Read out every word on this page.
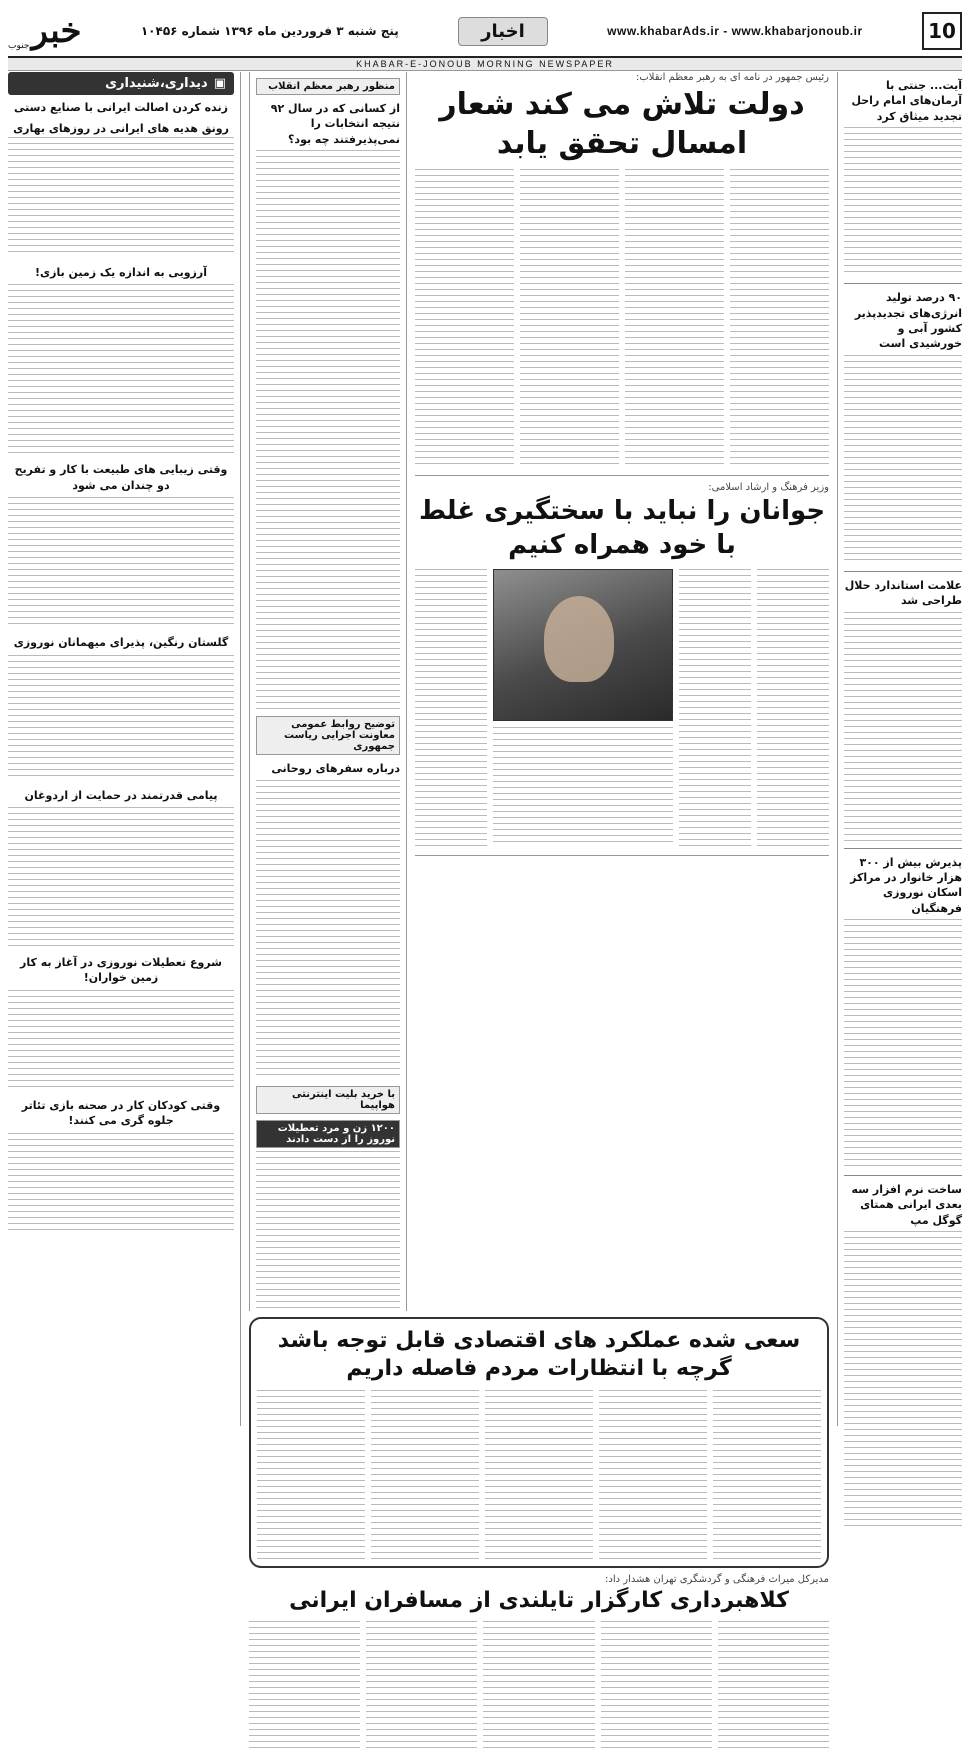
10
www.khabarAds.ir - www.khabarjonoub.ir
اخبار
پنج شنبه ۳ فروردین ماه ۱۳۹۶ شماره ۱۰۴۵۶
خبر
جنوب
KHABAR-E-JONOUB MORNING NEWSPAPER
آیت... جنتی با آرمان‌های امام راحل تجدید میثاق کرد
۹۰ درصد تولید انرژی‌های تجدیدپذیر کشور آبی و خورشیدی است
علامت استاندارد حلال طراحی شد
پذیرش بیش از ۳۰۰ هزار خانوار در مراکز اسکان نوروزی فرهنگیان
ساخت نرم افزار سه بعدی ایرانی همتای گوگل مپ
رئیس جمهور در نامه ای به رهبر معظم انقلاب:
دولت تلاش می کند شعار امسال تحقق یابد
وزیر فرهنگ و ارشاد اسلامی:
جوانان را نباید با سختگیری غلط با خود همراه کنیم
منظور رهبر معظم انقلاب
از کسانی که در سال ۹۲ نتیجه انتخابات را نمی‌پذیرفتند چه بود؟
توضیح روابط عمومی معاونت اجرایی ریاست جمهوری
درباره سفرهای روحانی
با خرید بلیت اینترنتی هواپیما
۱۲۰۰ زن و مرد تعطیلات نوروز را از دست دادند
سعی شده عملکرد های اقتصادی قابل توجه باشد گرچه با انتظارات مردم فاصله داریم
مدیرکل میراث فرهنگی و گردشگری تهران هشدار داد:
کلاهبرداری کارگزار تایلندی از مسافران ایرانی
▣
دیداری،شنیداری
زنده کردن اصالت ایرانی با صنایع دستی
رونق هدیه های ایرانی در روزهای بهاری
آرزویی به اندازه یک زمین بازی!
وقتی زیبایی های طبیعت با کار و تفریح دو چندان می شود
گلستان رنگین، پذیرای میهمانان نوروزی
پیامی قدرتمند در حمایت از اردوغان
شروع تعطیلات نوروزی در آغاز به کار زمین خواران!
وقتی کودکان کار در صحنه بازی تئاتر جلوه گری می کنند!
